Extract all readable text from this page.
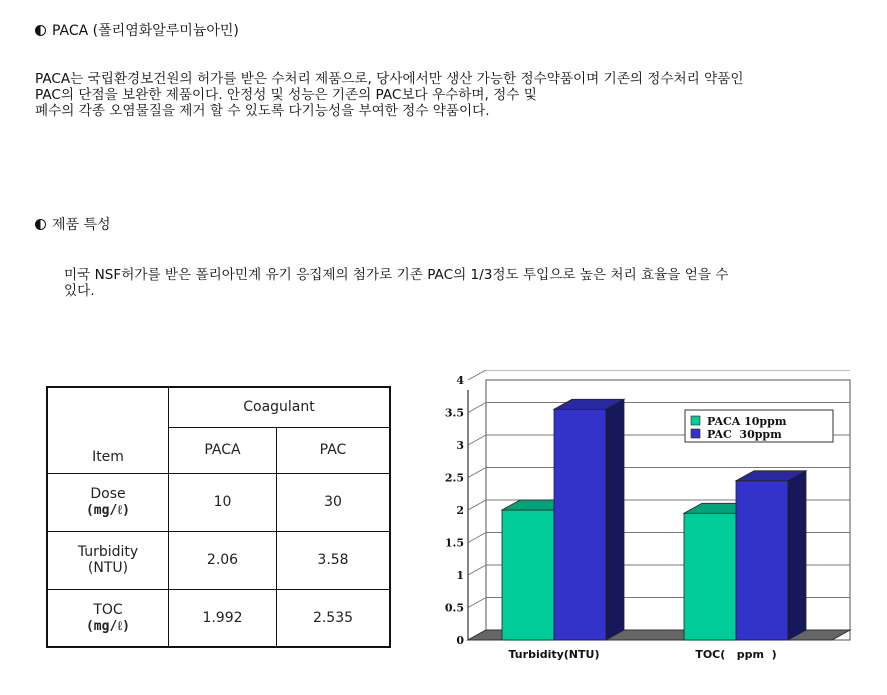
PACA (폴리염화알루미늄아민)
PACA는 국립환경보건원의 허가를 받은 수처리 제품으로, 당사에서만 생산 가능한 정수약품이며 기존의 정수처리 약품인
PAC의 단점을 보완한 제품이다. 안정성 및 성능은 기존의 PAC보다 우수하며, 정수 및
폐수의 각종 오염물질을 제거 할 수 있도록 다기능성을 부여한 정수 약품이다.
제품 특성
미국 NSF허가를 받은 폴리아민계 유기 응집제의 첨가로 기존 PAC의 1/3정도 투입으로 높은 처리 효율을 얻을 수
있다.
Item	Coagulant	
	PACA	PAC

Dose
(mg/ℓ)	10	30

Turbidity
(NTU)	2.06	3.58

TOC
(mg/ℓ)	1.992	2.535
0
0.5
1
1.5
2
2.5
3
3.5
4
Turbidity(NTU)	TOC(   ppm  )
PACA 10ppm
PAC  30ppm
